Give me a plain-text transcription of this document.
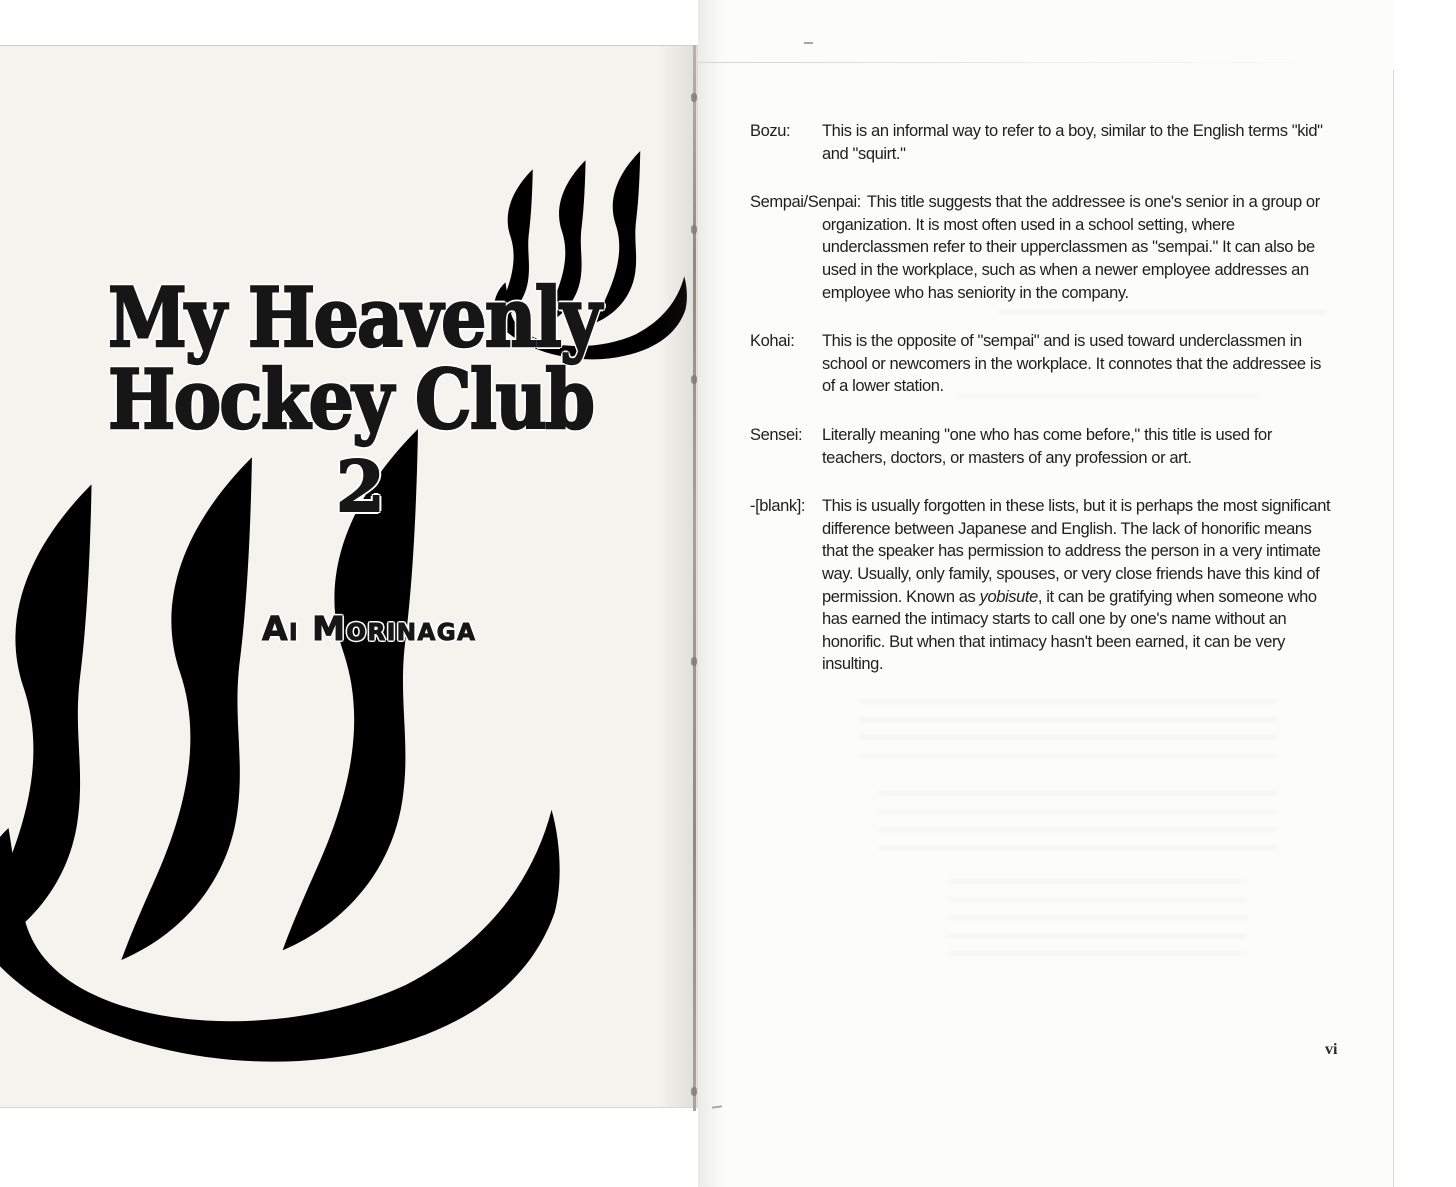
My Heavenly
Hockey Club
2
Ai Morinaga

Bozu: This is an informal way to refer to a boy, similar to the English terms "kid" and "squirt."

Sempai/Senpai: This title suggests that the addressee is one's senior in a group or organization. It is most often used in a school setting, where underclassmen refer to their upperclassmen as "sempai." It can also be used in the workplace, such as when a newer employee addresses an employee who has seniority in the company.

Kohai: This is the opposite of "sempai" and is used toward underclassmen in school or newcomers in the workplace. It connotes that the addressee is of a lower station.

Sensei: Literally meaning "one who has come before," this title is used for teachers, doctors, or masters of any profession or art.

-[blank]: This is usually forgotten in these lists, but it is perhaps the most significant difference between Japanese and English. The lack of honorific means that the speaker has permission to address the person in a very intimate way. Usually, only family, spouses, or very close friends have this kind of permission. Known as yobisute, it can be gratifying when someone who has earned the intimacy starts to call one by one's name without an honorific. But when that intimacy hasn't been earned, it can be very insulting.

vi
